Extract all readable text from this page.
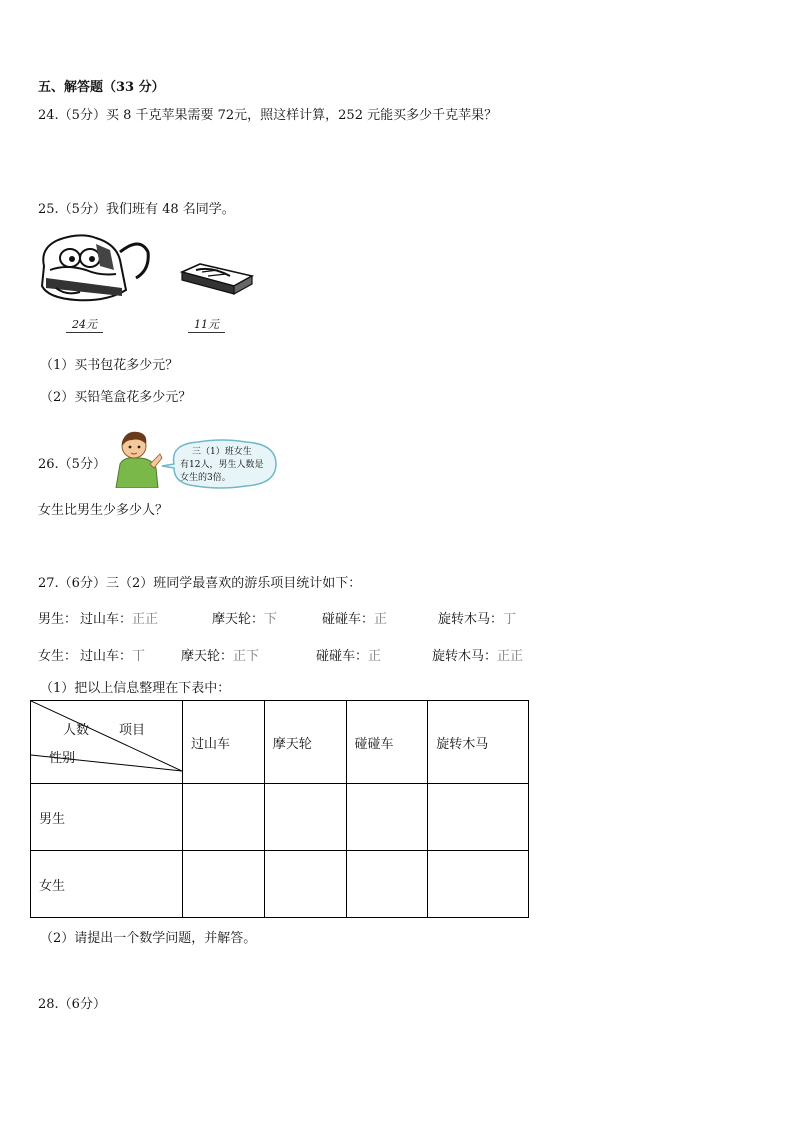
五、解答题（33 分）
24.（5分）买 8 千克苹果需要 72元，照这样计算，252 元能买多少千克苹果？
25.（5分）我们班有 48 名同学。
24元	11元
（1）买书包花多少元？
（2）买铅笔盒花多少元？
26.（5分）
三（1）班女生
有12人，男生人数是
女生的3倍。
女生比男生少多少人？
27.（6分）三（2）班同学最喜欢的游乐项目统计如下：
男生： 过山车：正正	摩天轮：下	碰碰车：正	旋转木马：丁
女生： 过山车：丅	摩天轮：正下	碰碰车：正	旋转木马：正正
（1）把以上信息整理在下表中：
人数 项目
性别	过山车	摩天轮	碰碰车	旋转木马
男生				
女生				
（2）请提出一个数学问题，并解答。
28.（6分）
